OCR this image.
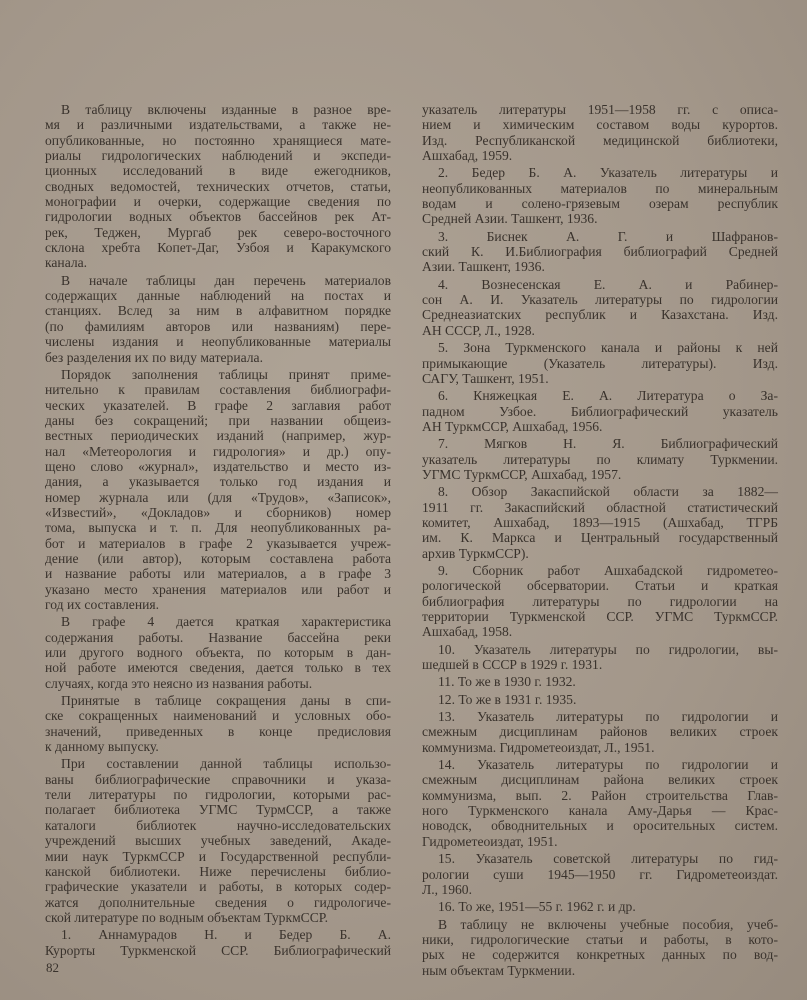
В таблицу включены изданные в разное вре-
мя и различными издательствами, а также не-
опубликованные, но постоянно хранящиеся мате-
риалы гидрологических наблюдений и экспеди-
ционных исследований в виде ежегодников,
сводных ведомостей, технических отчетов, статьи,
монографии и очерки, содержащие сведения по
гидрологии водных объектов бассейнов рек Ат-
рек, Теджен, Мургаб рек северо-восточного
склона хребта Копет-Даг, Узбоя и Каракумского
канала.
В начале таблицы дан перечень материалов
содержащих данные наблюдений на постах и
станциях. Вслед за ним в алфавитном порядке
(по фамилиям авторов или названиям) пере-
числены издания и неопубликованные материалы
без разделения их по виду материала.
Порядок заполнения таблицы принят приме-
нительно к правилам составления библиографи-
ческих указателей. В графе 2 заглавия работ
даны без сокращений; при названии общеиз-
вестных периодических изданий (например, жур-
нал «Метеорология и гидрология» и др.) опу-
щено слово «журнал», издательство и место из-
дания, а указывается только год издания и
номер журнала или (для «Трудов», «Записок»,
«Известий», «Докладов» и сборников) номер
тома, выпуска и т. п. Для неопубликованных ра-
бот и материалов в графе 2 указывается учреж-
дение (или автор), которым составлена работа
и название работы или материалов, а в графе 3
указано место хранения материалов или работ и
год их составления.
В графе 4 дается краткая характеристика
содержания работы. Название бассейна реки
или другого водного объекта, по которым в дан-
ной работе имеются сведения, дается только в тех
случаях, когда это неясно из названия работы.
Принятые в таблице сокращения даны в спи-
ске сокращенных наименований и условных обо-
значений, приведенных в конце предисловия
к данному выпуску.
При составлении данной таблицы использо-
ваны библиографические справочники и указа-
тели литературы по гидрологии, которыми рас-
полагает библиотека УГМС ТурмССР, а также
каталоги библиотек научно-исследовательских
учреждений высших учебных заведений, Акаде-
мии наук ТуркмССР и Государственной республи-
канской библиотеки. Ниже перечислены библио-
графические указатели и работы, в которых содер-
жатся дополнительные сведения о гидрологиче-
ской литературе по водным объектам ТуркмССР.
1. Аннамурадов Н. и Бедер Б. А.
Курорты Туркменской ССР. Библиографический
указатель литературы 1951—1958 гг. с описа-
нием и химическим составом воды курортов.
Изд. Республиканской медицинской библиотеки,
Ашхабад, 1959.
2. Бедер Б. А. Указатель литературы и
неопубликованных материалов по минеральным
водам и солено-грязевым озерам республик
Средней Азии. Ташкент, 1936.
3. Биснек А. Г. и Шафранов-
ский К. И.Библиография библиографий Средней
Азии. Ташкент, 1936.
4. Вознесенская Е. А. и Рабинер-
сон А. И. Указатель литературы по гидрологии
Среднеазиатских республик и Казахстана. Изд.
АН СССР, Л., 1928.
5. Зона Туркменского канала и районы к ней
примыкающие (Указатель литературы). Изд.
САГУ, Ташкент, 1951.
6. Княжецкая Е. А. Литература о За-
падном Узбое. Библиографический указатель
АН ТуркмССР, Ашхабад, 1956.
7. Мягков Н. Я. Библиографический
указатель литературы по климату Туркмении.
УГМС ТуркмССР, Ашхабад, 1957.
8. Обзор Закаспийской области за 1882—
1911 гг. Закаспийский областной статистический
комитет, Ашхабад, 1893—1915 (Ашхабад, ТГРБ
им. К. Маркса и Центральный государственный
архив ТуркмССР).
9. Сборник работ Ашхабадской гидрометео-
рологической обсерватории. Статьи и краткая
библиография литературы по гидрологии на
территории Туркменской ССР. УГМС ТуркмССР.
Ашхабад, 1958.
10. Указатель литературы по гидрологии, вы-
шедшей в СССР в 1929 г. 1931.
11. То же в 1930 г. 1932.
12. То же в 1931 г. 1935.
13. Указатель литературы по гидрологии и
смежным дисциплинам районов великих строек
коммунизма. Гидрометеоиздат, Л., 1951.
14. Указатель литературы по гидрологии и
смежным дисциплинам района великих строек
коммунизма, вып. 2. Район строительства Глав-
ного Туркменского канала Аму-Дарья — Крас-
новодск, обводнительных и оросительных систем.
Гидрометеоиздат, 1951.
15. Указатель советской литературы по гид-
рологии суши 1945—1950 гг. Гидрометеоиздат.
Л., 1960.
16. То же, 1951—55 г. 1962 г. и др.
В таблицу не включены учебные пособия, учеб-
ники, гидрологические статьи и работы, в кото-
рых не содержится конкретных данных по вод-
ным объектам Туркмении.
82
